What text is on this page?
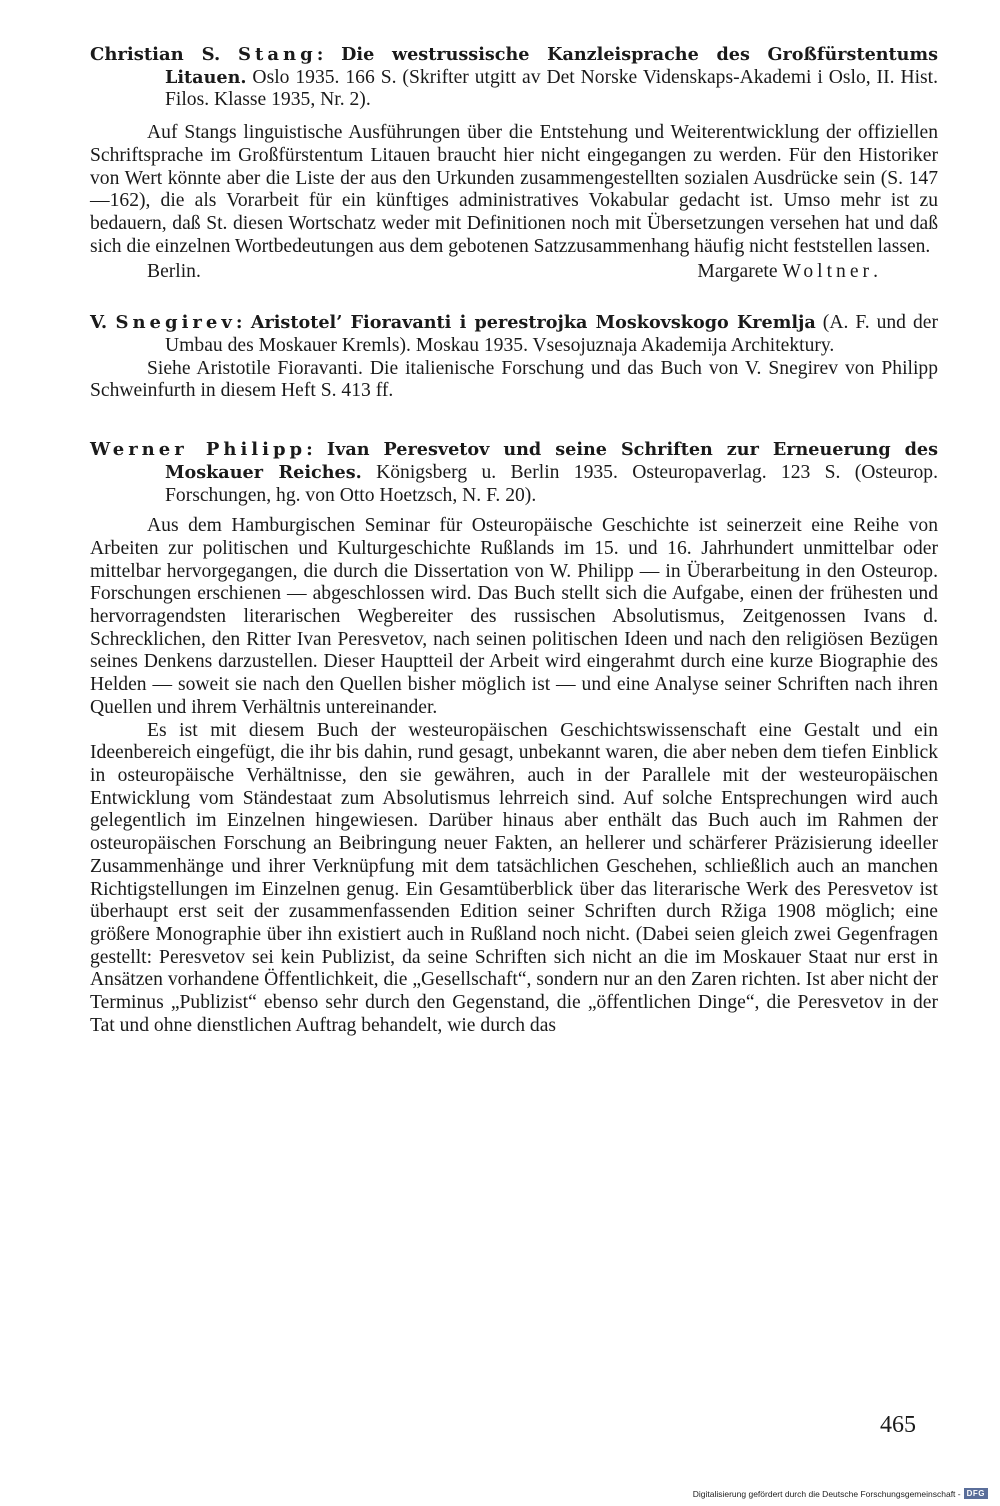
Christian S. Stang: Die westrussische Kanzleisprache des Großfürstentums Litauen. Oslo 1935. 166 S. (Skrifter utgitt av Det Norske Videnskaps-Akademi i Oslo, II. Hist. Filos. Klasse 1935, Nr. 2).

Auf Stangs linguistische Ausführungen über die Entstehung und Weiterentwicklung der offiziellen Schriftsprache im Großfürstentum Litauen braucht hier nicht eingegangen zu werden. Für den Historiker von Wert könnte aber die Liste der aus den Urkunden zusammengestellten sozialen Ausdrücke sein (S. 147—162), die als Vorarbeit für ein künftiges administratives Vokabular gedacht ist. Umso mehr ist zu bedauern, daß St. diesen Wortschatz weder mit Definitionen noch mit Übersetzungen versehen hat und daß sich die einzelnen Wortbedeutungen aus dem gebotenen Satzzusammenhang häufig nicht feststellen lassen.

Berlin.	Margarete Woltner.

V. Snegirev: Aristotel’ Fioravanti i perestrojka Moskovskogo Kremlja (A. F. und der Umbau des Moskauer Kremls). Moskau 1935. Vsesojuznaja Akademija Architektury.

Siehe Aristotile Fioravanti. Die italienische Forschung und das Buch von V. Snegirev von Philipp Schweinfurth in diesem Heft S. 413 ff.

Werner Philipp: Ivan Peresvetov und seine Schriften zur Erneuerung des Moskauer Reiches. Königsberg u. Berlin 1935. Osteuropaverlag. 123 S. (Osteurop. Forschungen, hg. von Otto Hoetzsch, N. F. 20).

Aus dem Hamburgischen Seminar für Osteuropäische Geschichte ist seinerzeit eine Reihe von Arbeiten zur politischen und Kulturgeschichte Rußlands im 15. und 16. Jahrhundert unmittelbar oder mittelbar hervorgegangen, die durch die Dissertation von W. Philipp — in Überarbeitung in den Osteurop. Forschungen erschienen — abgeschlossen wird. Das Buch stellt sich die Aufgabe, einen der frühesten und hervorragendsten literarischen Wegbereiter des russischen Absolutismus, Zeitgenossen Ivans d. Schrecklichen, den Ritter Ivan Peresvetov, nach seinen politischen Ideen und nach den religiösen Bezügen seines Denkens darzustellen. Dieser Hauptteil der Arbeit wird eingerahmt durch eine kurze Biographie des Helden — soweit sie nach den Quellen bisher möglich ist — und eine Analyse seiner Schriften nach ihren Quellen und ihrem Verhältnis untereinander.

Es ist mit diesem Buch der westeuropäischen Geschichtswissenschaft eine Gestalt und ein Ideenbereich eingefügt, die ihr bis dahin, rund gesagt, unbekannt waren, die aber neben dem tiefen Einblick in osteuropäische Verhältnisse, den sie gewähren, auch in der Parallele mit der westeuropäischen Entwicklung vom Ständestaat zum Absolutismus lehrreich sind. Auf solche Entsprechungen wird auch gelegentlich im Einzelnen hingewiesen. Darüber hinaus aber enthält das Buch auch im Rahmen der osteuropäischen Forschung an Beibringung neuer Fakten, an hellerer und schärferer Präzisierung ideeller Zusammenhänge und ihrer Verknüpfung mit dem tatsächlichen Geschehen, schließlich auch an manchen Richtigstellungen im Einzelnen genug. Ein Gesamtüberblick über das literarische Werk des Peresvetov ist überhaupt erst seit der zusammenfassenden Edition seiner Schriften durch Ržiga 1908 möglich; eine größere Monographie über ihn existiert auch in Rußland noch nicht. (Dabei seien gleich zwei Gegenfragen gestellt: Peresvetov sei kein Publizist, da seine Schriften sich nicht an die im Moskauer Staat nur erst in Ansätzen vorhandene Öffentlichkeit, die „Gesellschaft“, sondern nur an den Zaren richten. Ist aber nicht der Terminus „Publizist“ ebenso sehr durch den Gegenstand, die „öffentlichen Dinge“, die Peresvetov in der Tat und ohne dienstlichen Auftrag behandelt, wie durch das

465
Digitalisierung gefördert durch die Deutsche Forschungsgemeinschaft - DFG
